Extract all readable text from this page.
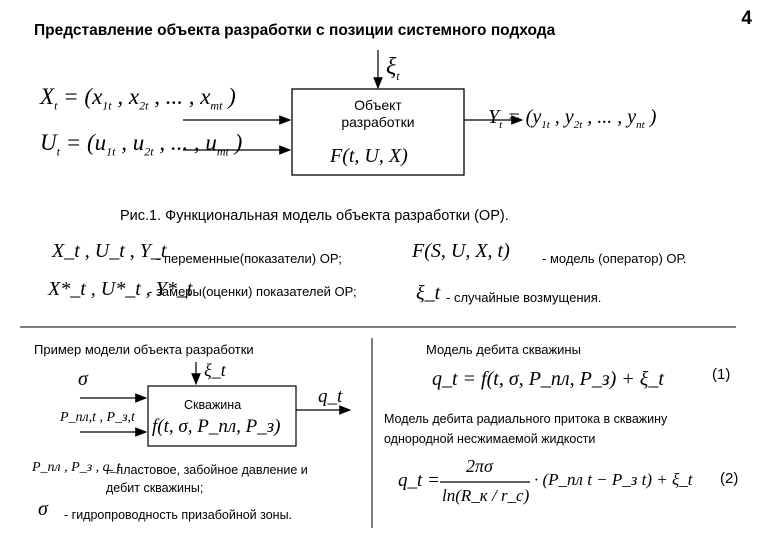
4
Представление объекта разработки с позиции системного подхода
$\xi_t$
$X_t = (x_{1t}$ , $x_{2t}$ , ... , $x_{mt}$ )
$U_t = (u_{1t}$ , $u_{2t}$ , ... , $u_{mt}$ )
Объект
разработки
F(t, U, X)
$Y_t = (y_{1t}$ , $y_{2t}$ , ... , $y_{nt}$ )
Рис.1. Функциональная модель объекта разработки (ОР).
X_t , U_t , Y_t
- переменные(показатели) ОР;	F(S, U, X, t) - модель (оператор) ОР.
X*_t , U*_t , Y*_t
- замеры(оценки) показателей ОР;	ξ_t - случайные возмущения.
Пример модели объекта разработки
σ	ξ_t
P_пл,t , P_з,t
q_t
Скважина
f(t, σ, P_пл, P_з)
P_пл , P_з , q_t
– пластовое, забойное давление и
дебит скважины;
σ - гидропроводность призабойной зоны.
Модель дебита скважины
q_t = f(t, σ, P_пл, P_з) + ξ_t	(1)
Модель дебита радиального притока в скважину
однородной несжимаемой жидкости
q_t =
2πσ
ln(R_к / r_c)
· (P_пл t − P_з t) + ξ_t (2)
